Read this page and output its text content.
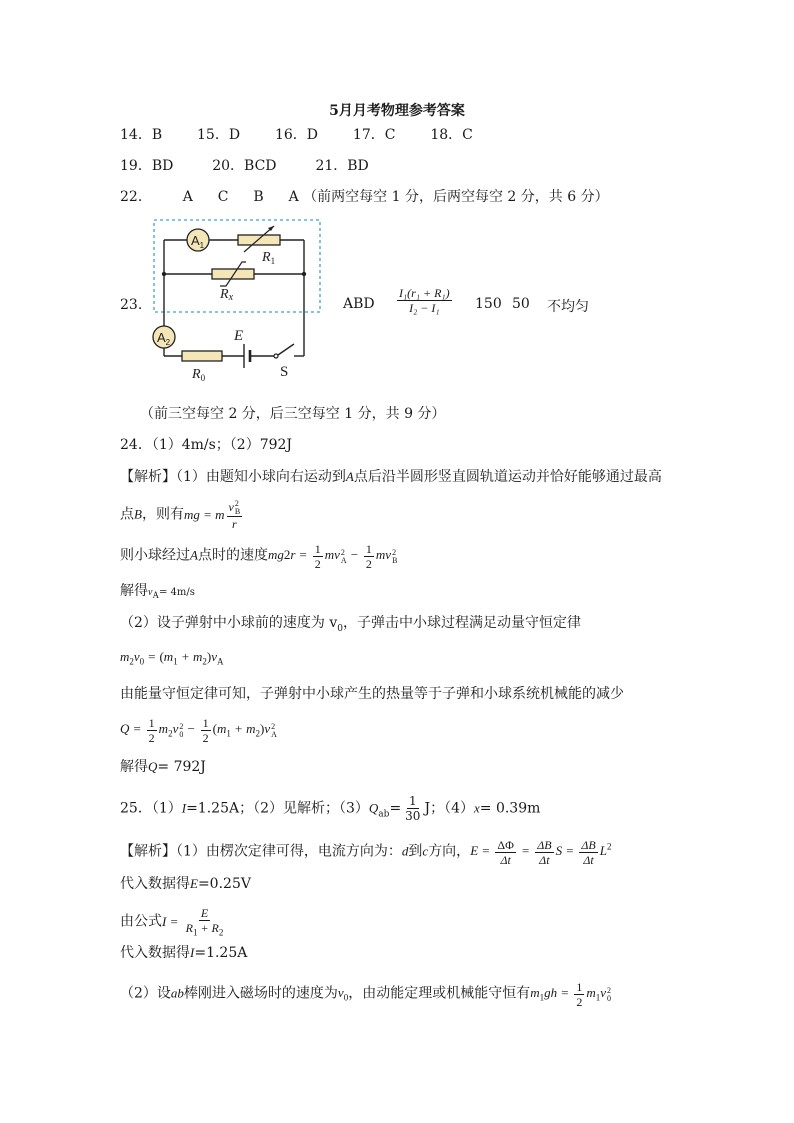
5月月考物理参考答案
14．B 15．D 16．D 17．C 18．C
19．BD	20．BCD	21．BD
22． A C B A （前两空每空 1 分，后两空每空 2 分，共 6 分）
23.
$A_1$
$R_1$
Rx
$A_2$
$R_0$
E
S
ABD $\frac{\text{I₁(r₁ + R₁)}}{\text{I₂ − I₁}} 150$ 50 不均匀
（前三空每空 2 分，后三空每空 1 分，共 9 分）
24．（1）4m/s；（2）792J
【解析】（1）由题知小球向右运动到A点后沿半圆形竖直圆轨道运动并恰好能够通过最高
点B，则有mg = m v 2
B
r
则小球经过A点时的速度$mg2r = \frac{1}{2}$ mv 2
$A - \frac{1}{2}$ mv 2
B
解得vA= 4m/s
（2）设子弹射中小球前的速度为 $v_0$，子弹击中小球过程满足动量守恒定律
$m_2v_0 = (m_1 + m_2)v_A$
由能量守恒定律可知，子弹射中小球产生的热量等于子弹和小球系统机械能的减少
$Q = \frac{1}{2} m_2v$ 2
$0 - \frac{1}{2} (m_1 + m_2)v$ 2
A
解得Q= 792J
25．（1）I=1.25A；（2）见解析；$(3)Q_{ab}= \frac{1}{30}$ J；（4）x= 0.39m
【解析】（1）由楞次定律可得，电流方向为：d到c方向，$E = \frac{\Delta\Phi}{\Delta t} = \frac{\Delta B}{\Delta t}$ $S = \frac{\Delta B}{\Delta t} L^2$
代入数据得E=0.25V
由公式$I = \frac{E}{R_1 + R_2}$
代入数据得I=1.25A
（2）设ab棒刚进入磁场时的速度为$v_0$，由动能定理或机械能守恒有$m_1gh = \frac{1}{2} m_1v$ 2
0
